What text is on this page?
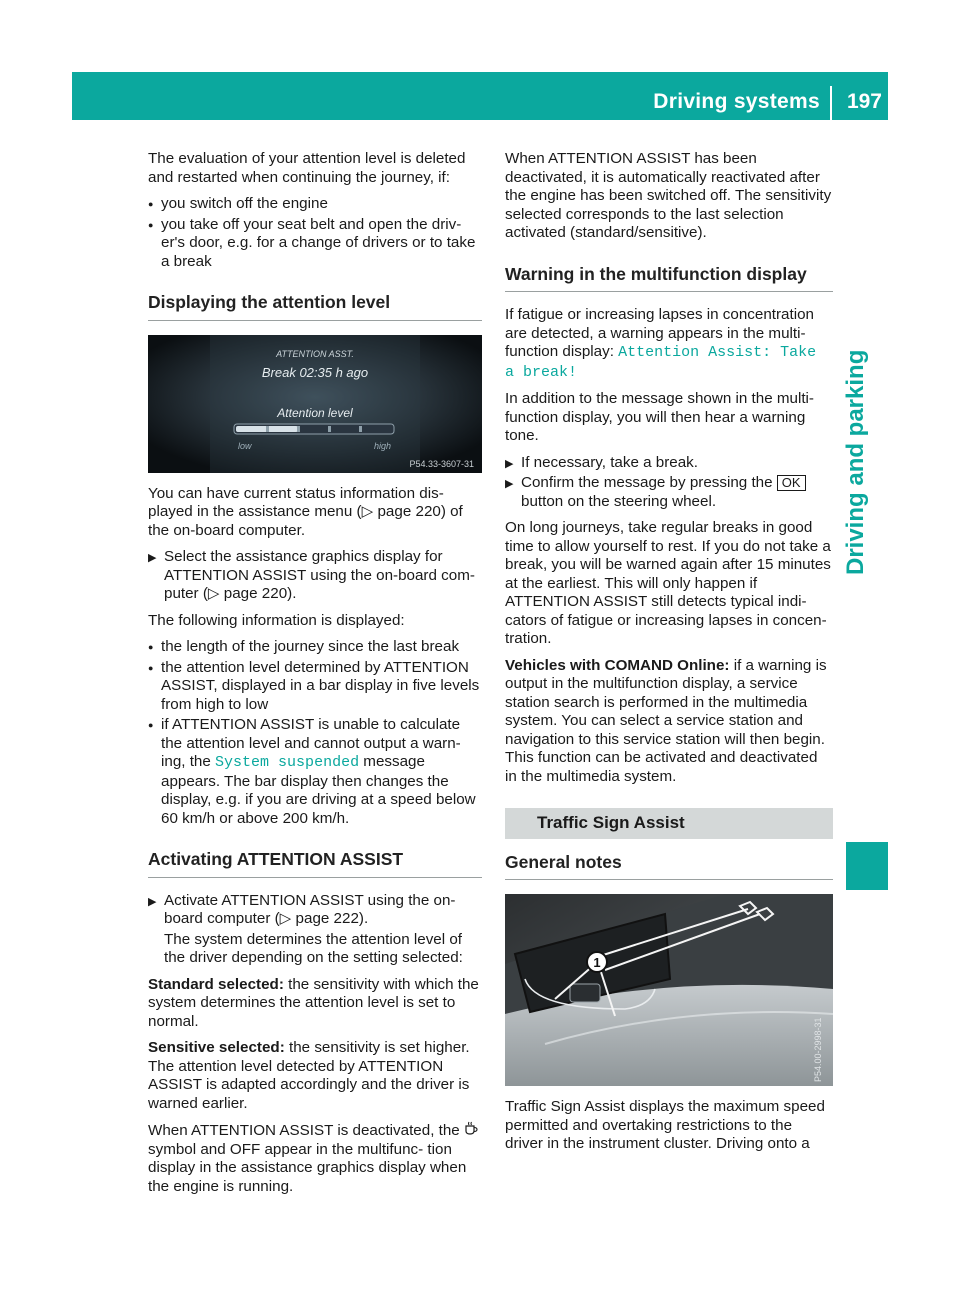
Driving systems 197
Driving and parking

The evaluation of your attention level is deleted and restarted when continuing the journey, if:

● you switch off the engine
● you take off your seat belt and open the driv- er's door, e.g. for a change of drivers or to take a break
Displaying the attention level
ATTENTION ASST.
Break 02:35 h ago
Attention level
low	high
P54.33-3607-31

You can have current status information dis- played in the assistance menu (▷ page 220) of the on-board computer.

▶ Select the assistance graphics display for ATTENTION ASSIST using the on-board com- puter (▷ page 220).

The following information is displayed:

● the length of the journey since the last break
● the attention level determined by ATTENTION ASSIST, displayed in a bar display in five levels from high to low
● if ATTENTION ASSIST is unable to calculate the attention level and cannot output a warn- ing, the System suspended message appears. The bar display then changes the display, e.g. if you are driving at a speed below 60 km/h or above 200 km/h.
Activating ATTENTION ASSIST
▶ Activate ATTENTION ASSIST using the on- board computer (▷ page 222).

The system determines the attention level of the driver depending on the setting selected:

Standard selected: the sensitivity with which the system determines the attention level is set to normal.

Sensitive selected: the sensitivity is set higher. The attention level detected by ATTENTION ASSIST is adapted accordingly and the driver is warned earlier.

When ATTENTION ASSIST is deactivated, the  symbol and OFF appear in the multifunc- tion display in the assistance graphics display when the engine is running.

When ATTENTION ASSIST has been deactivated, it is automatically reactivated after the engine has been switched off. The sensitivity selected corresponds to the last selection activated (standard/sensitive).

Warning in the multifunction display

If fatigue or increasing lapses in concentration are detected, a warning appears in the multi- function display: Attention Assist: Take a break!

In addition to the message shown in the multi- function display, you will then hear a warning tone.

▶ If necessary, take a break.
▶ Confirm the message by pressing the OK button on the steering wheel.

On long journeys, take regular breaks in good time to allow yourself to rest. If you do not take a break, you will be warned again after 15 minutes at the earliest. This will only happen if ATTENTION ASSIST still detects typical indi- cators of fatigue or increasing lapses in concen- tration.

Vehicles with COMAND Online: if a warning is output in the multifunction display, a service station search is performed in the multimedia system. You can select a service station and navigation to this service station will then begin. This function can be activated and deactivated in the multimedia system.

Traffic Sign Assist
General notes
1
P54.00-2998-31

Traffic Sign Assist displays the maximum speed permitted and overtaking restrictions to the driver in the instrument cluster. Driving onto a
